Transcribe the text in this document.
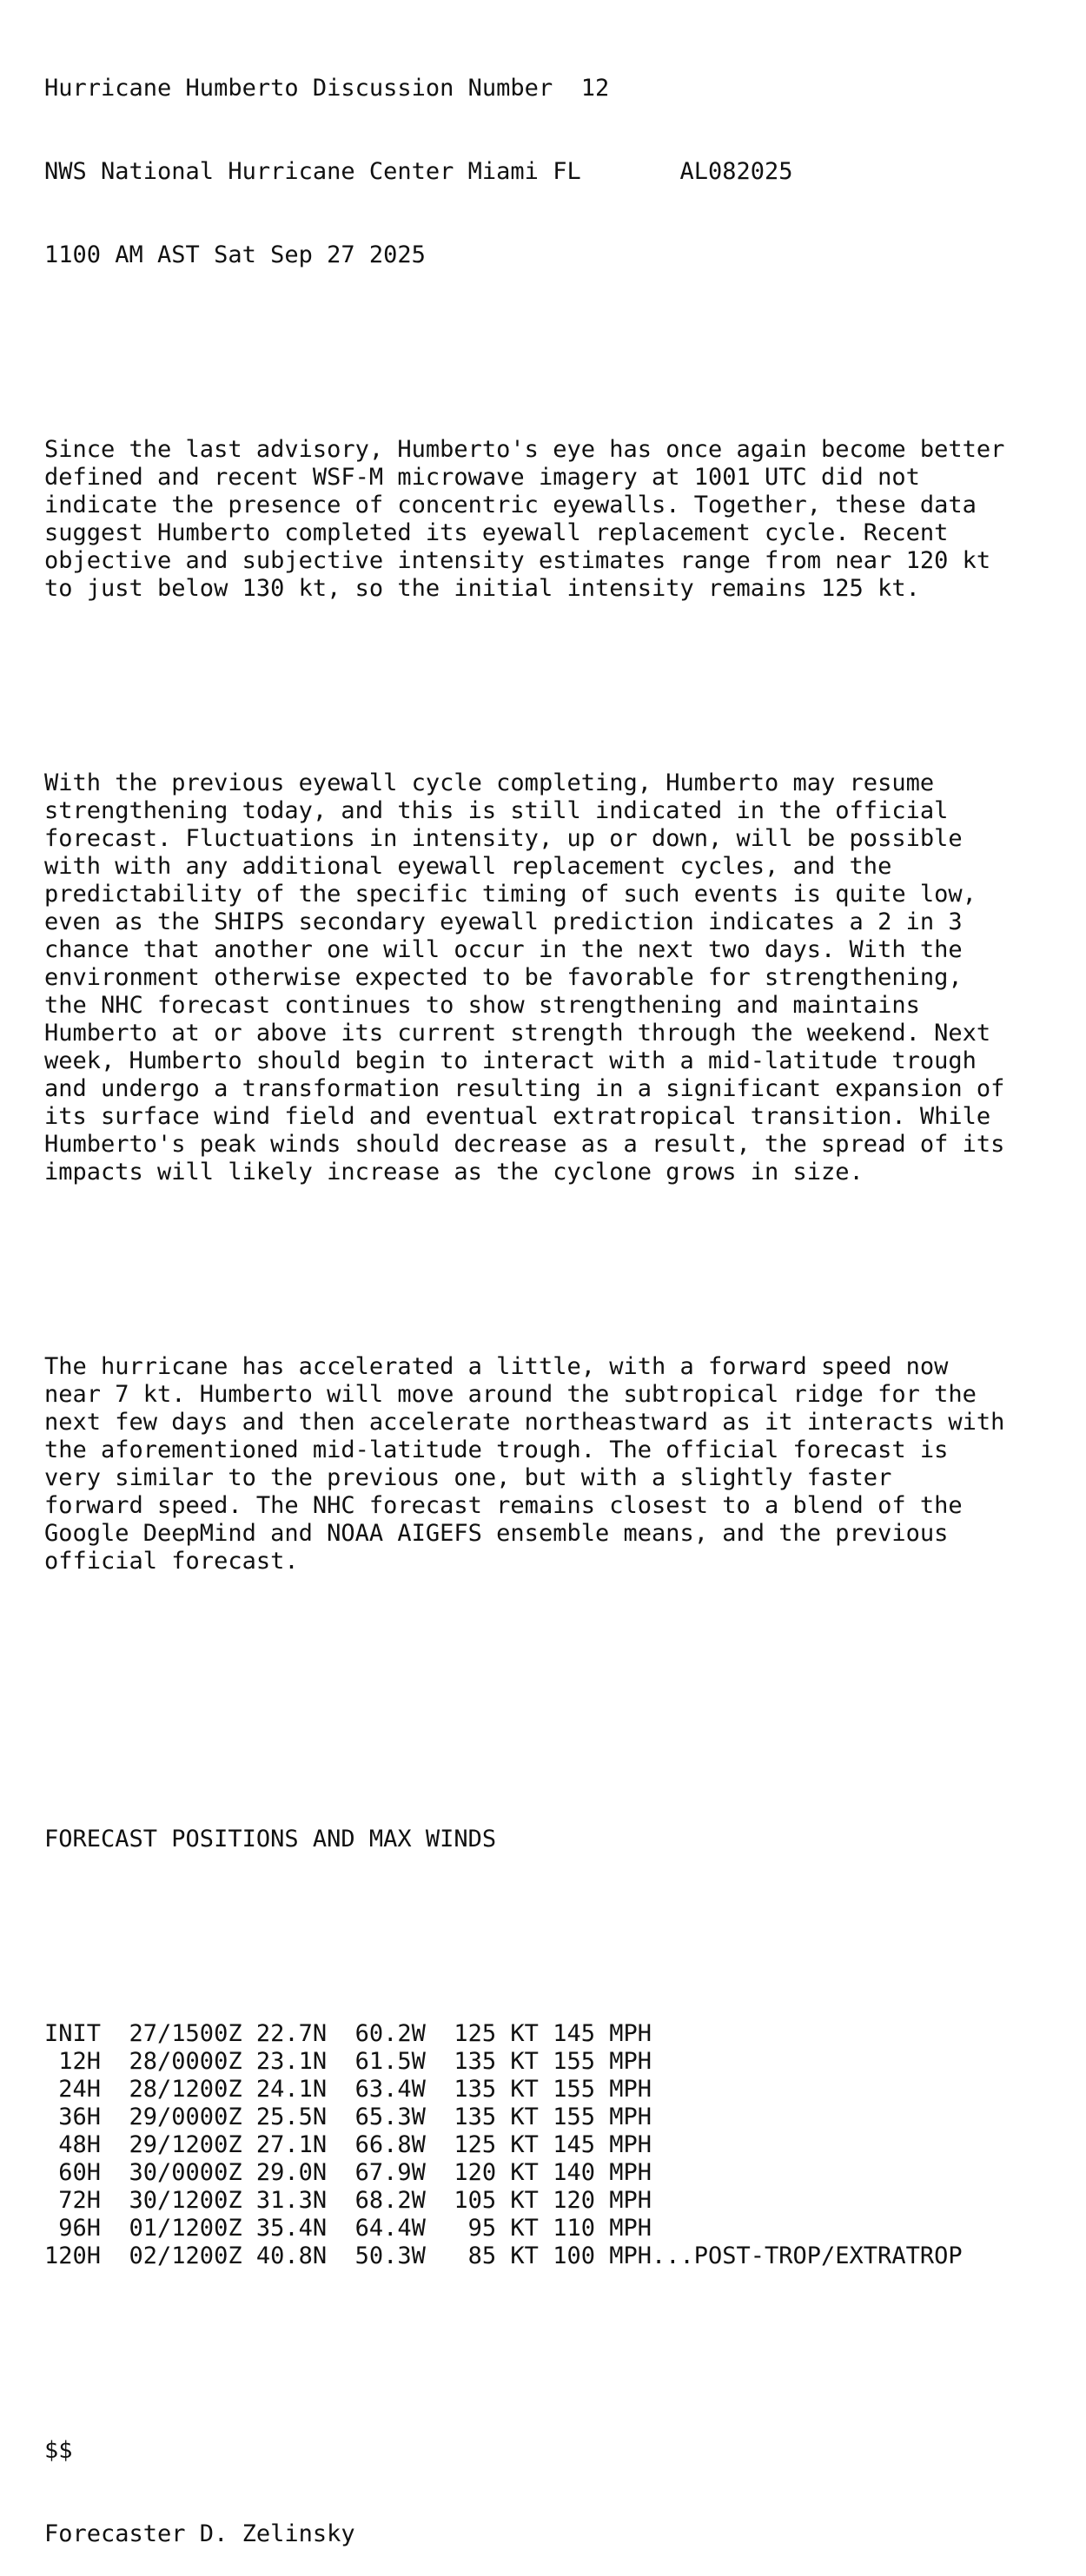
Hurricane Humberto Discussion Number  12

NWS National Hurricane Center Miami FL       AL082025

1100 AM AST Sat Sep 27 2025

Since the last advisory, Humberto's eye has once again become better
defined and recent WSF-M microwave imagery at 1001 UTC did not
indicate the presence of concentric eyewalls. Together, these data
suggest Humberto completed its eyewall replacement cycle. Recent
objective and subjective intensity estimates range from near 120 kt
to just below 130 kt, so the initial intensity remains 125 kt.

With the previous eyewall cycle completing, Humberto may resume
strengthening today, and this is still indicated in the official
forecast. Fluctuations in intensity, up or down, will be possible
with with any additional eyewall replacement cycles, and the
predictability of the specific timing of such events is quite low,
even as the SHIPS secondary eyewall prediction indicates a 2 in 3
chance that another one will occur in the next two days. With the
environment otherwise expected to be favorable for strengthening,
the NHC forecast continues to show strengthening and maintains
Humberto at or above its current strength through the weekend. Next
week, Humberto should begin to interact with a mid-latitude trough
and undergo a transformation resulting in a significant expansion of
its surface wind field and eventual extratropical transition. While
Humberto's peak winds should decrease as a result, the spread of its
impacts will likely increase as the cyclone grows in size.

The hurricane has accelerated a little, with a forward speed now
near 7 kt. Humberto will move around the subtropical ridge for the
next few days and then accelerate northeastward as it interacts with
the aforementioned mid-latitude trough. The official forecast is
very similar to the previous one, but with a slightly faster
forward speed. The NHC forecast remains closest to a blend of the
Google DeepMind and NOAA AIGEFS ensemble means, and the previous
official forecast.

FORECAST POSITIONS AND MAX WINDS

INIT  27/1500Z 22.7N  60.2W  125 KT 145 MPH
12H  28/0000Z 23.1N  61.5W  135 KT 155 MPH
24H  28/1200Z 24.1N  63.4W  135 KT 155 MPH
36H  29/0000Z 25.5N  65.3W  135 KT 155 MPH
48H  29/1200Z 27.1N  66.8W  125 KT 145 MPH
60H  30/0000Z 29.0N  67.9W  120 KT 140 MPH
72H  30/1200Z 31.3N  68.2W  105 KT 120 MPH
96H  01/1200Z 35.4N  64.4W   95 KT 110 MPH
120H  02/1200Z 40.8N  50.3W   85 KT 100 MPH...POST-TROP/EXTRATROP

$$

Forecaster D. Zelinsky
